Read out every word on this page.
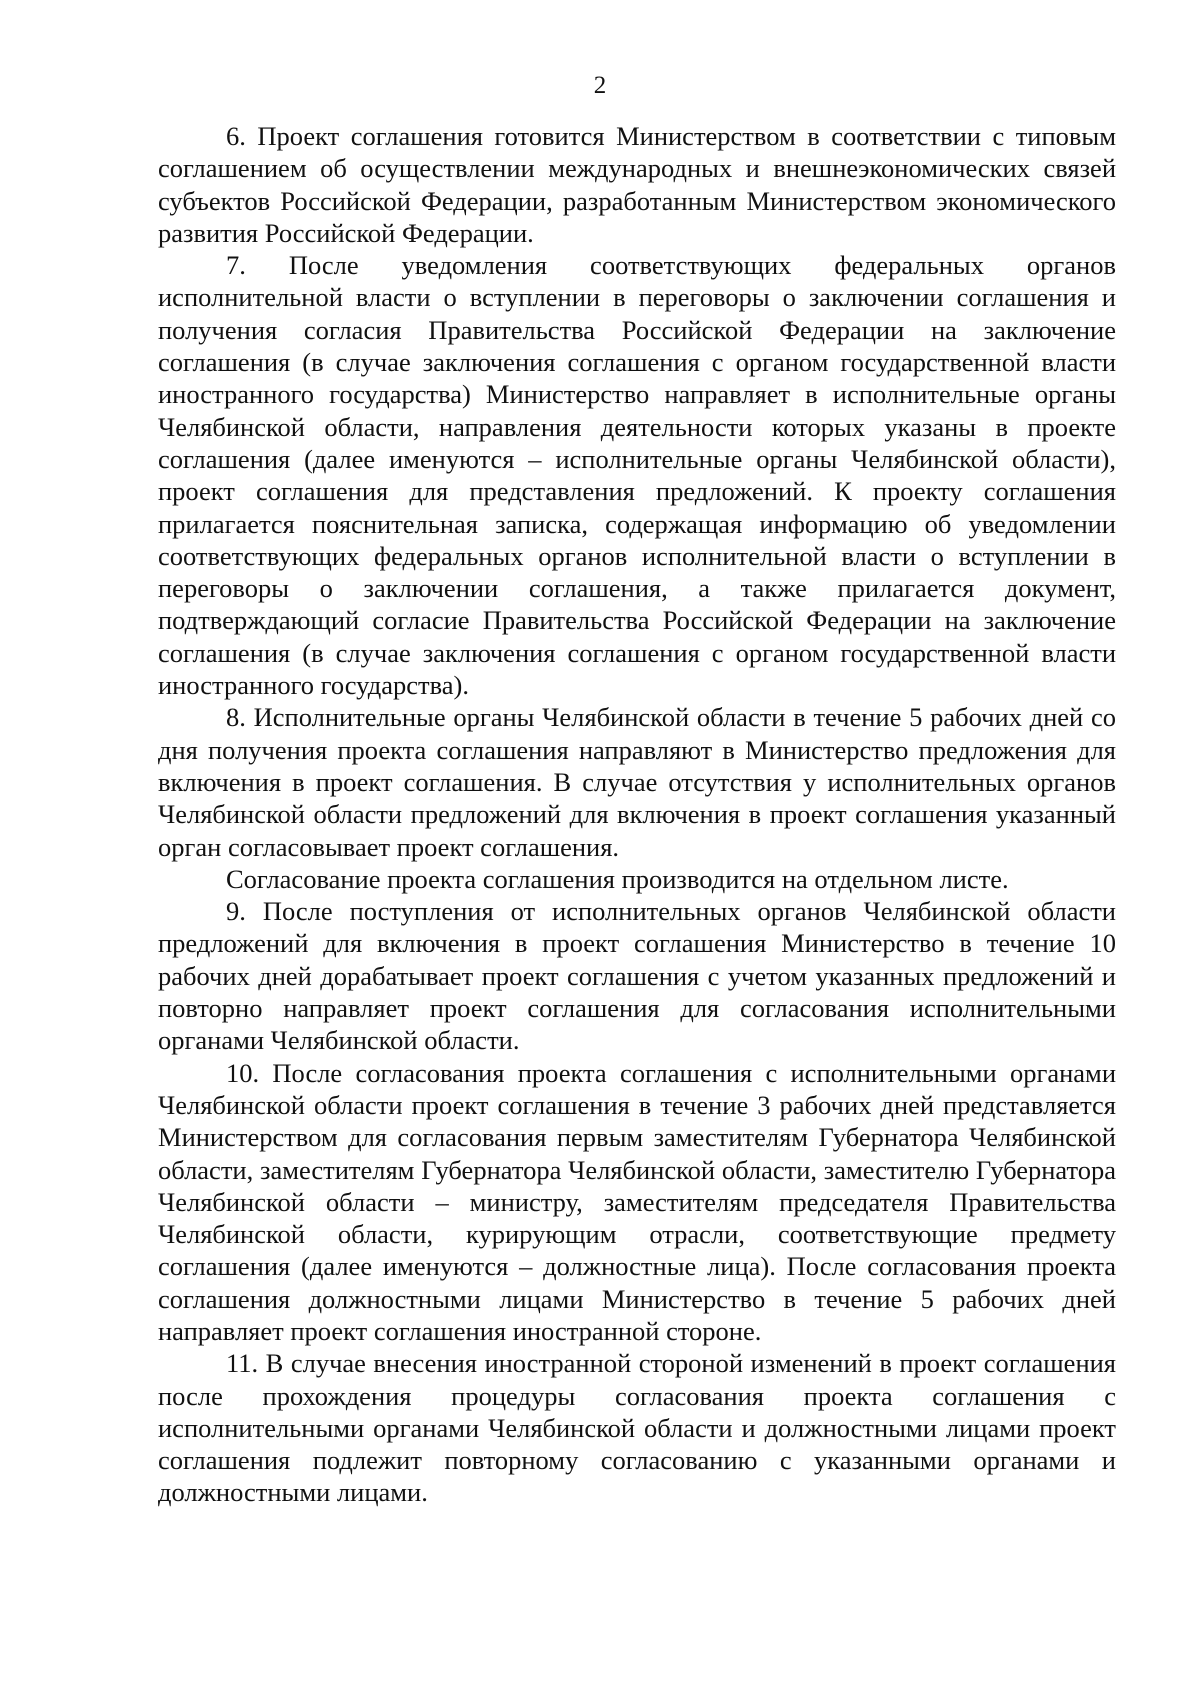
2

6. Проект соглашения готовится Министерством в соответствии с типовым соглашением об осуществлении международных и внешнеэкономических связей субъектов Российской Федерации, разработанным Министерством экономического развития Российской Федерации.

7. После уведомления соответствующих федеральных органов исполнительной власти о вступлении в переговоры о заключении соглашения и получения согласия Правительства Российской Федерации на заключение соглашения (в случае заключения соглашения с органом государственной власти иностранного государства) Министерство направляет в исполнительные органы Челябинской области, направления деятельности которых указаны в проекте соглашения (далее именуются – исполнительные органы Челябинской области), проект соглашения для представления предложений. К проекту соглашения прилагается пояснительная записка, содержащая информацию об уведомлении соответствующих федеральных органов исполнительной власти о вступлении в переговоры о заключении соглашения, а также прилагается документ, подтверждающий согласие Правительства Российской Федерации на заключение соглашения (в случае заключения соглашения с органом государственной власти иностранного государства).

8. Исполнительные органы Челябинской области в течение 5 рабочих дней со дня получения проекта соглашения направляют в Министерство предложения для включения в проект соглашения. В случае отсутствия у исполнительных органов Челябинской области предложений для включения в проект соглашения указанный орган согласовывает проект соглашения.

Согласование проекта соглашения производится на отдельном листе.

9. После поступления от исполнительных органов Челябинской области предложений для включения в проект соглашения Министерство в течение 10 рабочих дней дорабатывает проект соглашения с учетом указанных предложений и повторно направляет проект соглашения для согласования исполнительными органами Челябинской области.

10. После согласования проекта соглашения с исполнительными органами Челябинской области проект соглашения в течение 3 рабочих дней представляется Министерством для согласования первым заместителям Губернатора Челябинской области, заместителям Губернатора Челябинской области, заместителю Губернатора Челябинской области – министру, заместителям председателя Правительства Челябинской области, курирующим отрасли, соответствующие предмету соглашения (далее именуются – должностные лица). После согласования проекта соглашения должностными лицами Министерство в течение 5 рабочих дней направляет проект соглашения иностранной стороне.

11. В случае внесения иностранной стороной изменений в проект соглашения после прохождения процедуры согласования проекта соглашения с исполнительными органами Челябинской области и должностными лицами проект соглашения подлежит повторному согласованию с указанными органами и должностными лицами.
